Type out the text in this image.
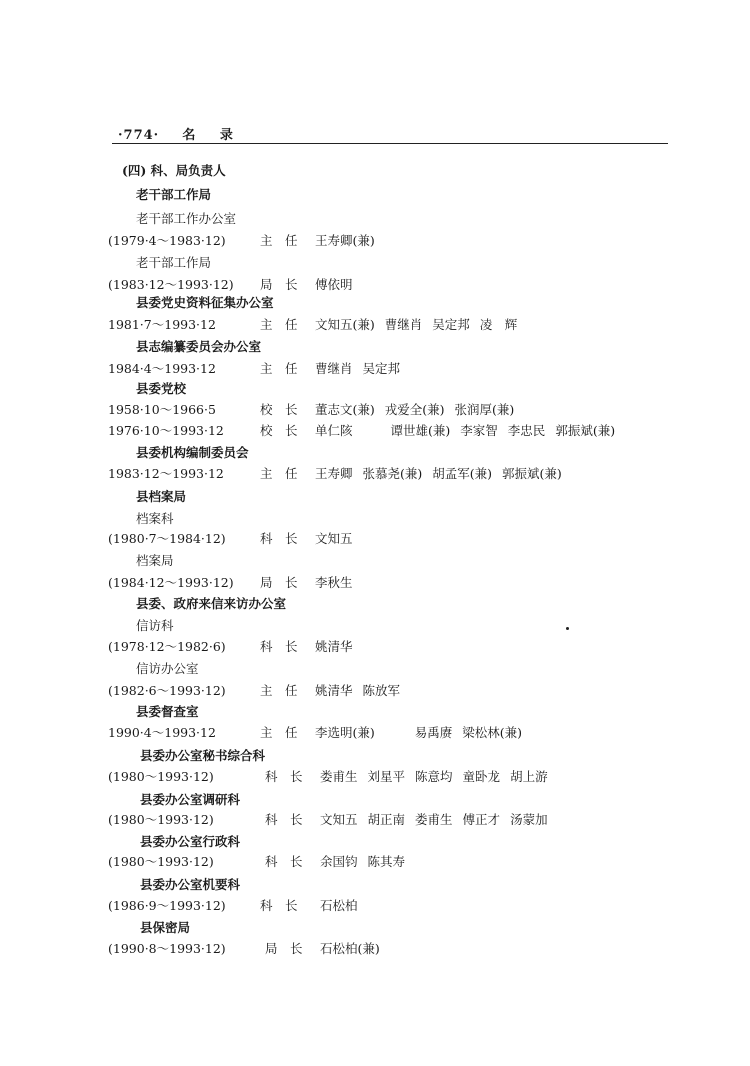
·774· 名 录
(四) 科、局负责人
老干部工作局
老干部工作办公室
(1979·4～1983·12)	主　任 王寿卿(兼)
老干部工作局
(1983·12～1993·12) 局　长 傅依明
县委党史资料征集办公室
1981·7～1993·12	主　任 文知五(兼) 曹继肖 吴定邦 凌　辉
县志编纂委员会办公室
1984·4～1993·12	主　任 曹继肖 吴定邦
县委党校
1958·10～1966·5	校　长 董志文(兼) 戎爱全(兼) 张润厚(兼)
1976·10～1993·12	校　长 单仁陔	谭世雄(兼) 李家智 李忠民 郭振斌(兼)
县委机构编制委员会
1983·12～1993·12	主　任 王寿卿 张慕尧(兼) 胡孟军(兼) 郭振斌(兼)
县档案局
档案科
(1980·7～1984·12)	科　长 文知五
档案局
(1984·12～1993·12) 局　长 李秋生
县委、政府来信来访办公室
信访科
(1978·12～1982·6)	科　长 姚清华
信访办公室
(1982·6～1993·12)	主　任 姚清华 陈放军
县委督查室
1990·4～1993·12	主　任 李选明(兼)	易禹赓 梁松林(兼)
县委办公室秘书综合科
(1980～1993·12)	科　长 娄甫生 刘星平 陈意均 童卧龙 胡上游
县委办公室调研科
(1980～1993·12)	科　长 文知五 胡正南 娄甫生 傅正才 汤蒙加
县委办公室行政科
(1980～1993·12)	科　长 余国钧 陈其寿
县委办公室机要科
(1986·9～1993·12)	科　长 石松柏
县保密局
(1990·8～1993·12)	局　长 石松柏(兼)
